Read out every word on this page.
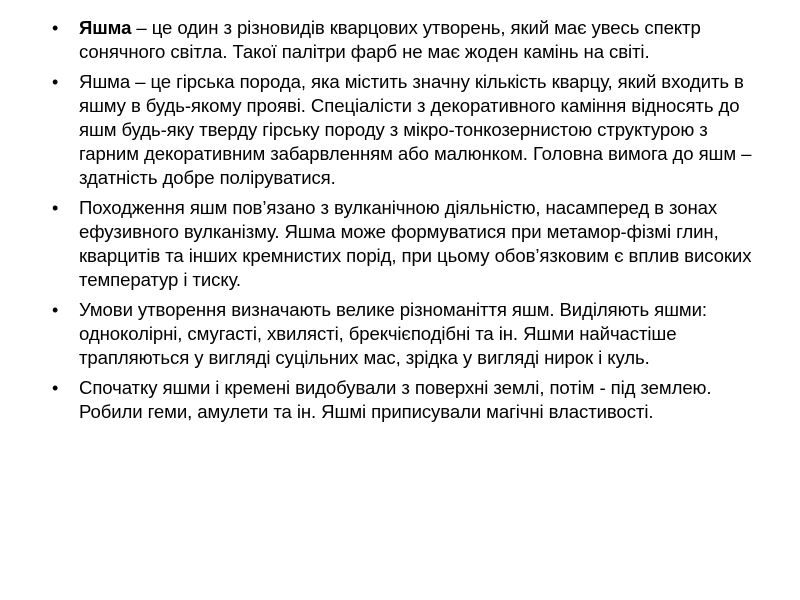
• Яшма – це один з різновидів кварцових утворень, який має увесь спектр сонячного світла. Такої палітри фарб не має жоден камінь на світі.
• Яшма – це гірська порода, яка містить значну кількість кварцу, який входить в яшму в будь-якому прояві. Спеціалісти з декоративного каміння відносять до яшм будь-яку тверду гірську породу з мікро-тонкозернистою структурою з гарним декоративним забарвленням або малюнком. Головна вимога до яшм – здатність добре поліруватися.
• Походження яшм пов’язано з вулканічною діяльністю, насамперед в зонах ефузивного вулканізму. Яшма може формуватися при метамор-фізмі глин, кварцитів та інших кремнистих порід, при цьому обов’язковим є вплив високих температур і тиску.
• Умови утворення визначають велике різноманіття яшм. Виділяють яшми: одноколірні, смугасті, хвилясті, брекчієподібні та ін. Яшми найчастіше трапляються у вигляді суцільних мас, зрідка у вигляді нирок і куль.
• Спочатку яшми і кремені видобували з поверхні землі, потім - під землею. Робили геми, амулети та ін. Яшмі приписували магічні властивості.
